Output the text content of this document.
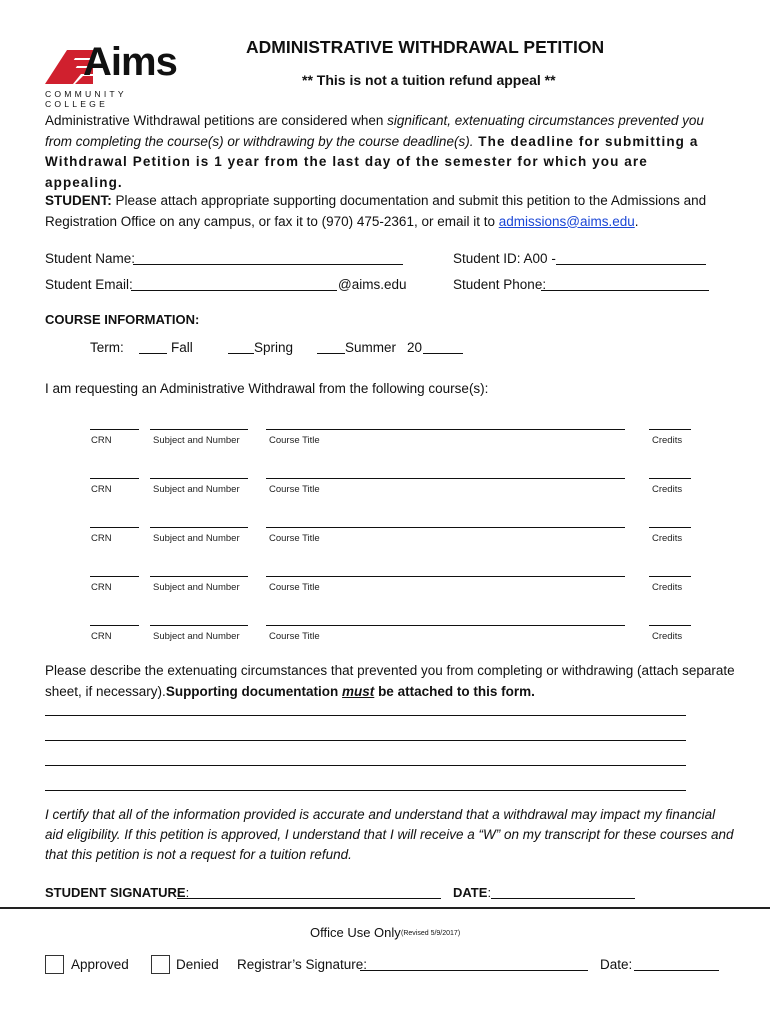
Aims
COMMUNITY COLLEGE
ADMINISTRATIVE WITHDRAWAL PETITION
** This is not a tuition refund appeal **
Administrative Withdrawal petitions are considered when significant, extenuating circumstances prevented you from completing the course(s) or withdrawing by the course deadline(s). The deadline for submitting a Withdrawal Petition is 1 year from the last day of the semester for which you are appealing.
STUDENT: Please attach appropriate supporting documentation and submit this petition to the Admissions and Registration Office on any campus, or fax it to (970) 475-2361, or email it to admissions@aims.edu.
Student Name:	Student ID: A00 -
Student Email:	@aims.edu	Student Phone:
COURSE INFORMATION:
Term:	Fall	Spring	Summer 20
I am requesting an Administrative Withdrawal from the following course(s):
CRN	Subject and Number	Course Title	Credits
CRN	Subject and Number	Course Title	Credits
CRN	Subject and Number	Course Title	Credits
CRN	Subject and Number	Course Title	Credits
CRN	Subject and Number	Course Title	Credits
Please describe the extenuating circumstances that prevented you from completing or withdrawing (attach separate sheet, if necessary).Supporting documentation must be attached to this form.
I certify that all of the information provided is accurate and understand that a withdrawal may impact my financial aid eligibility. If this petition is approved, I understand that I will receive a “W” on my transcript for these courses and that this petition is not a request for a tuition refund.
STUDENT SIGNATURE:	DATE:
Office Use Only (Revised 5/9/2017)
Approved	Denied Registrar’s Signature:	Date:
